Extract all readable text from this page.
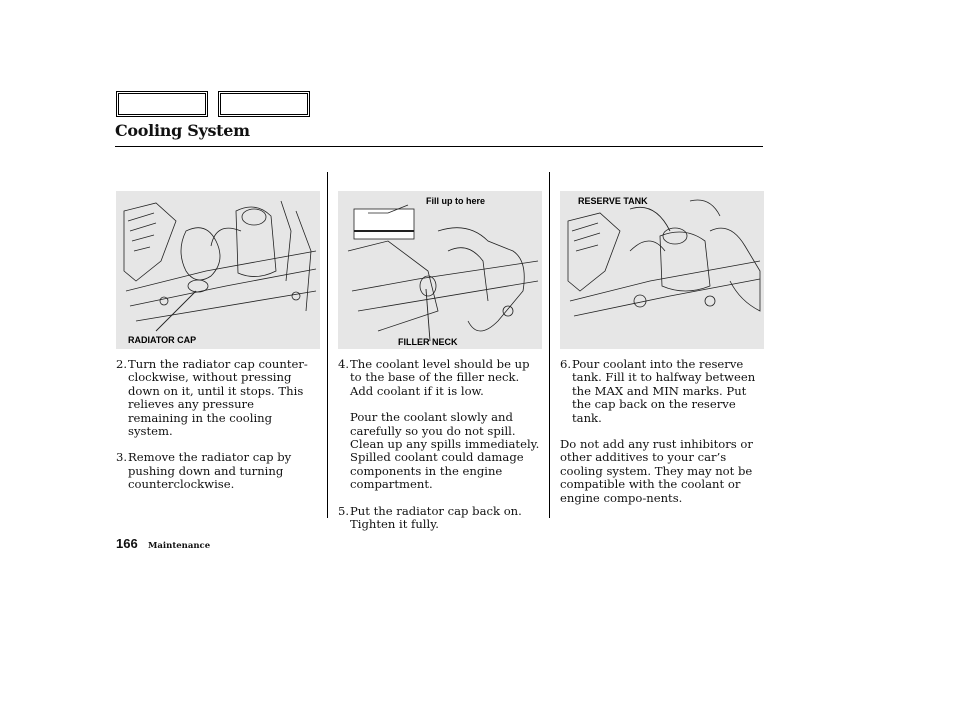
Cooling System
RADIATOR CAP
Fill up to here
FILLER NECK
RESERVE TANK
2. Turn the radiator cap counter-clockwise, without pressing down on it, until it stops. This relieves any pressure remaining in the cooling system.
3. Remove the radiator cap by pushing down and turning counterclockwise.
4. The coolant level should be up to the base of the filler neck. Add coolant if it is low.
Pour the coolant slowly and carefully so you do not spill. Clean up any spills immediately. Spilled coolant could damage components in the engine compartment.
5. Put the radiator cap back on. Tighten it fully.
6. Pour coolant into the reserve tank. Fill it to halfway between the MAX and MIN marks. Put the cap back on the reserve tank.
Do not add any rust inhibitors or other additives to your car’s cooling system. They may not be compatible with the coolant or engine compo-nents.
166 Maintenance
